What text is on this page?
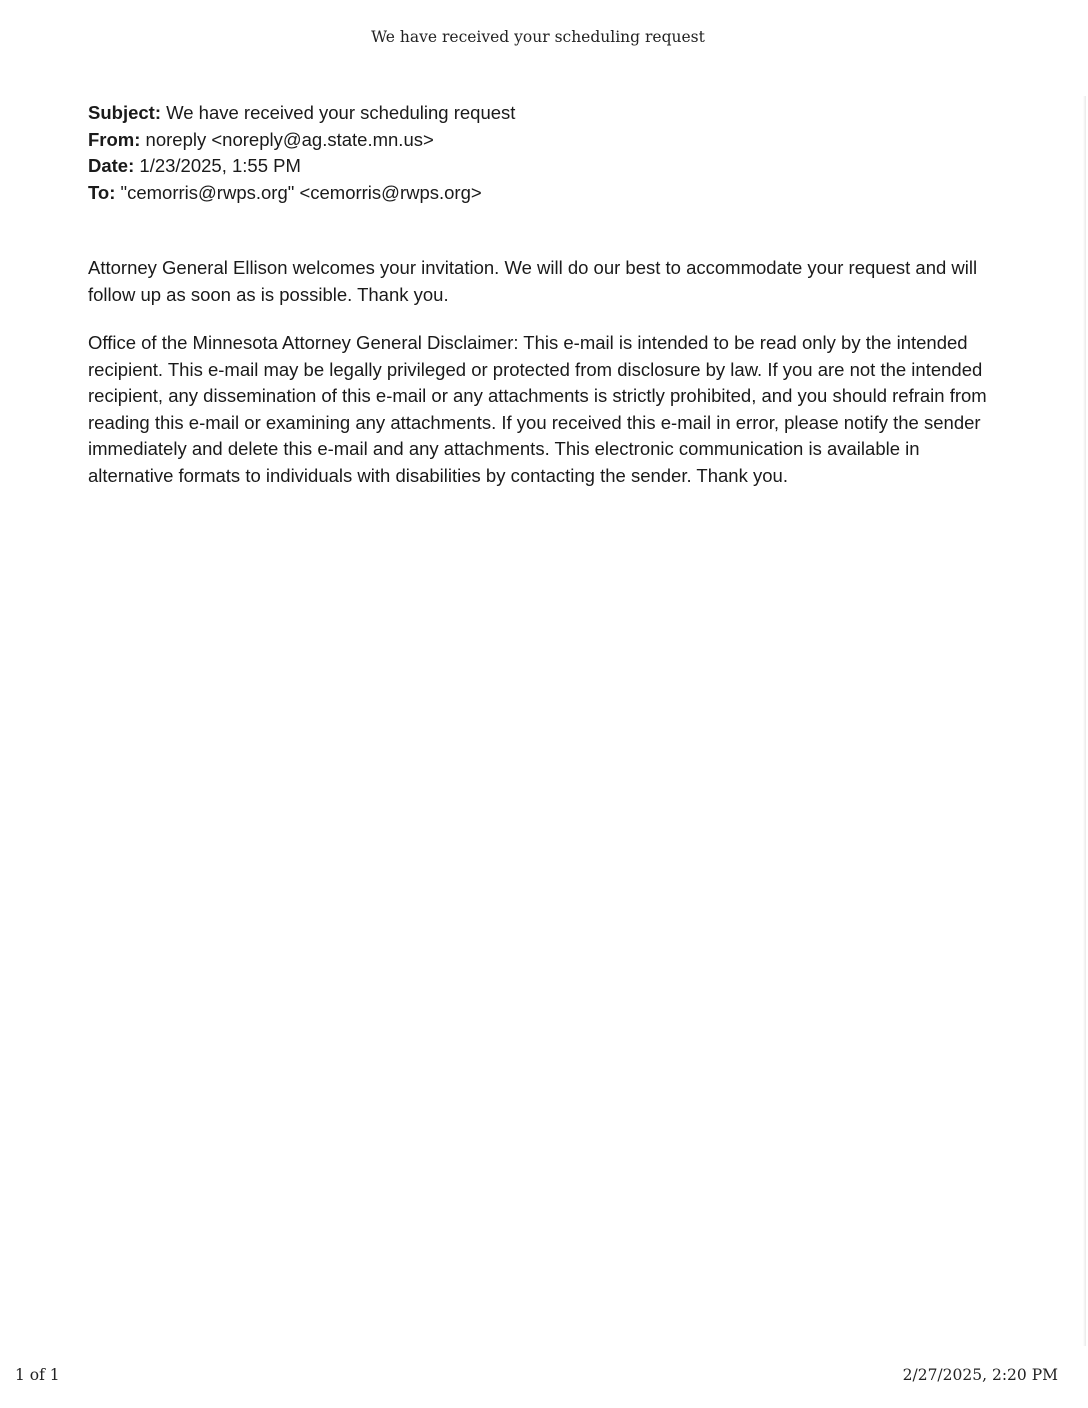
We have received your scheduling request
Subject: We have received your scheduling request
From: noreply <noreply@ag.state.mn.us>
Date: 1/23/2025, 1:55 PM
To: "cemorris@rwps.org" <cemorris@rwps.org>

Attorney General Ellison welcomes your invitation. We will do our best to accommodate your request and will follow up as soon as is possible. Thank you.

Office of the Minnesota Attorney General Disclaimer: This e-mail is intended to be read only by the intended recipient. This e-mail may be legally privileged or protected from disclosure by law. If you are not the intended recipient, any dissemination of this e-mail or any attachments is strictly prohibited, and you should refrain from reading this e-mail or examining any attachments. If you received this e-mail in error, please notify the sender immediately and delete this e-mail and any attachments. This electronic communication is available in alternative formats to individuals with disabilities by contacting the sender. Thank you.

1 of 1	2/27/2025, 2:20 PM
